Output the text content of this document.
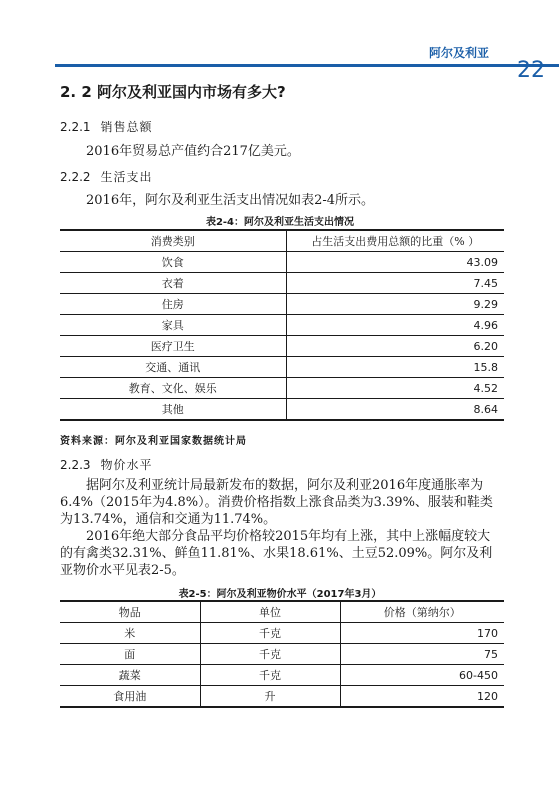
阿尔及利亚
22
2. 2 阿尔及利亚国内市场有多大?
2.2.1 销售总额
2016年贸易总产值约合217亿美元。
2.2.2 生活支出
2016年，阿尔及利亚生活支出情况如表2-4所示。
表2-4：阿尔及利亚生活支出情况
消费类别	占生活支出费用总额的比重（% ）
饮食	43.09
衣着	7.45
住房	9.29
家具	4.96
医疗卫生	6.20
交通、通讯	15.8
教育、文化、娱乐	4.52
其他	8.64
资料来源：阿尔及利亚国家数据统计局
2.2.3 物价水平
据阿尔及利亚统计局最新发布的数据，阿尔及利亚2016年度通胀率为6.4%（2015年为4.8%）。消费价格指数上涨食品类为3.39%、服装和鞋类为13.74%，通信和交通为11.74%。
2016年绝大部分食品平均价格较2015年均有上涨，其中上涨幅度较大的有禽类32.31%、鲜鱼11.81%、水果18.61%、土豆52.09%。阿尔及利亚物价水平见表2-5。
表2-5：阿尔及利亚物价水平（2017年3月）
物品	单位	价格（第纳尔）
米	千克	170
面	千克	75
蔬菜	千克	60-450
食用油	升	120
